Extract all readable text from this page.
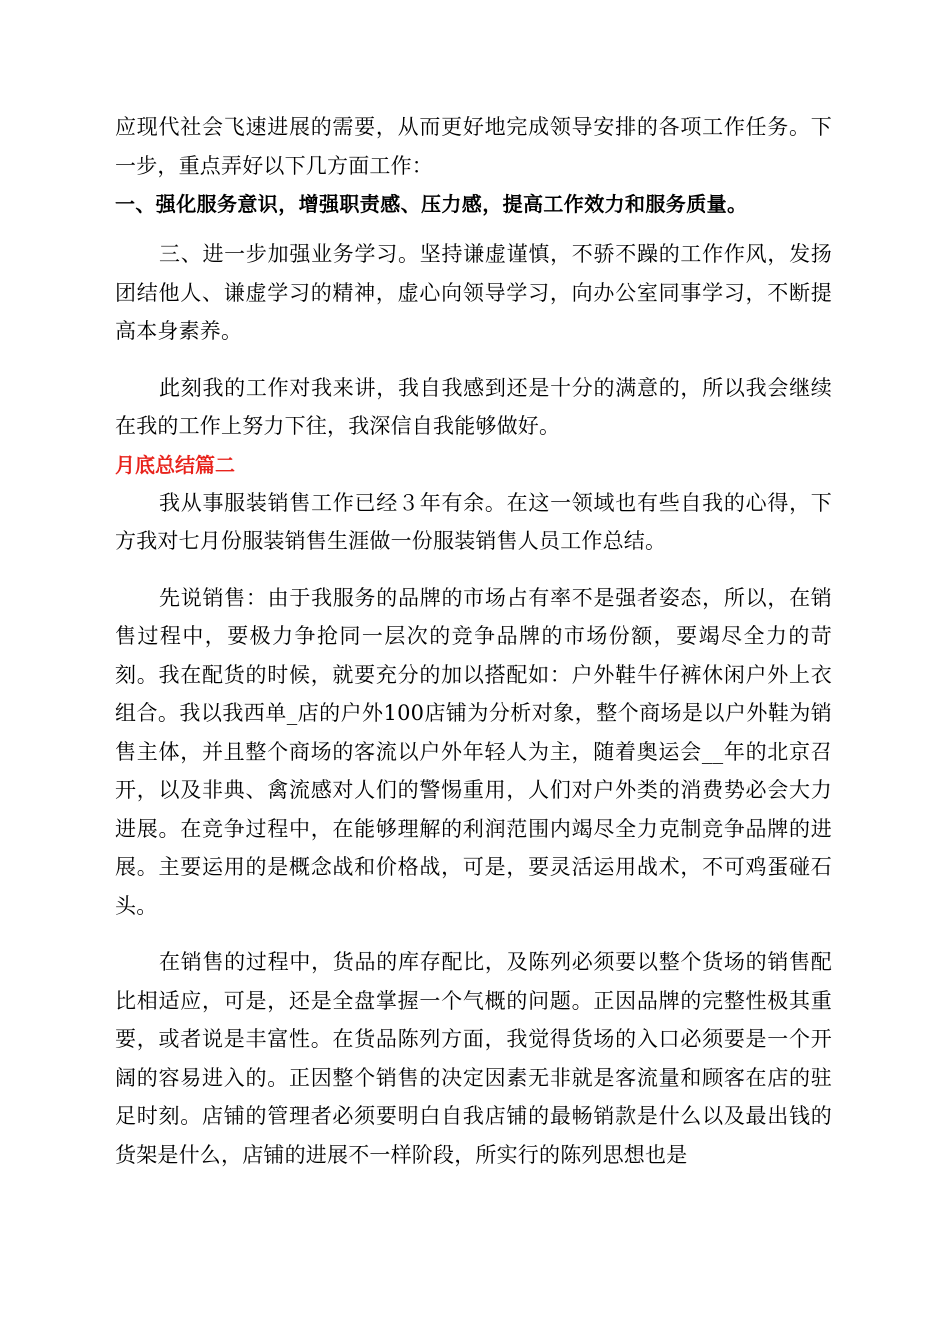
应现代社会飞速进展的需要，从而更好地完成领导安排的各项工作任务。下一步，重点弄好以下几方面工作：

一、强化服务意识，增强职责感、压力感，提高工作效力和服务质量。

三、进一步加强业务学习。坚持谦虚谨慎，不骄不躁的工作作风，发扬团结他人、谦虚学习的精神，虚心向领导学习，向办公室同事学习，不断提高本身素养。

此刻我的工作对我来讲，我自我感到还是十分的满意的，所以我会继续在我的工作上努力下往，我深信自我能够做好。

月底总结篇二

我从事服装销售工作已经３年有余。在这一领域也有些自我的心得，下方我对七月份服装销售生涯做一份服装销售人员工作总结。

先说销售：由于我服务的品牌的市场占有率不是强者姿态，所以，在销售过程中，要极力争抢同一层次的竞争品牌的市场份额，要竭尽全力的苛刻。我在配货的时候，就要充分的加以搭配如：户外鞋牛仔裤休闲户外上衣组合。我以我西单_店的户外100店铺为分析对象，整个商场是以户外鞋为销售主体，并且整个商场的客流以户外年轻人为主，随着奥运会__年的北京召开，以及非典、禽流感对人们的警惕重用，人们对户外类的消费势必会大力进展。在竞争过程中，在能够理解的利润范围内竭尽全力克制竞争品牌的进展。主要运用的是概念战和价格战，可是，要灵活运用战术，不可鸡蛋碰石头。

在销售的过程中，货品的库存配比，及陈列必须要以整个货场的销售配比相适应，可是，还是全盘掌握一个气概的问题。正因品牌的完整性极其重要，或者说是丰富性。在货品陈列方面，我觉得货场的入口必须要是一个开阔的容易进入的。正因整个销售的决定因素无非就是客流量和顾客在店的驻足时刻。店铺的管理者必须要明白自我店铺的最畅销款是什么以及最出钱的货架是什么，店铺的进展不一样阶段，所实行的陈列思想也是
